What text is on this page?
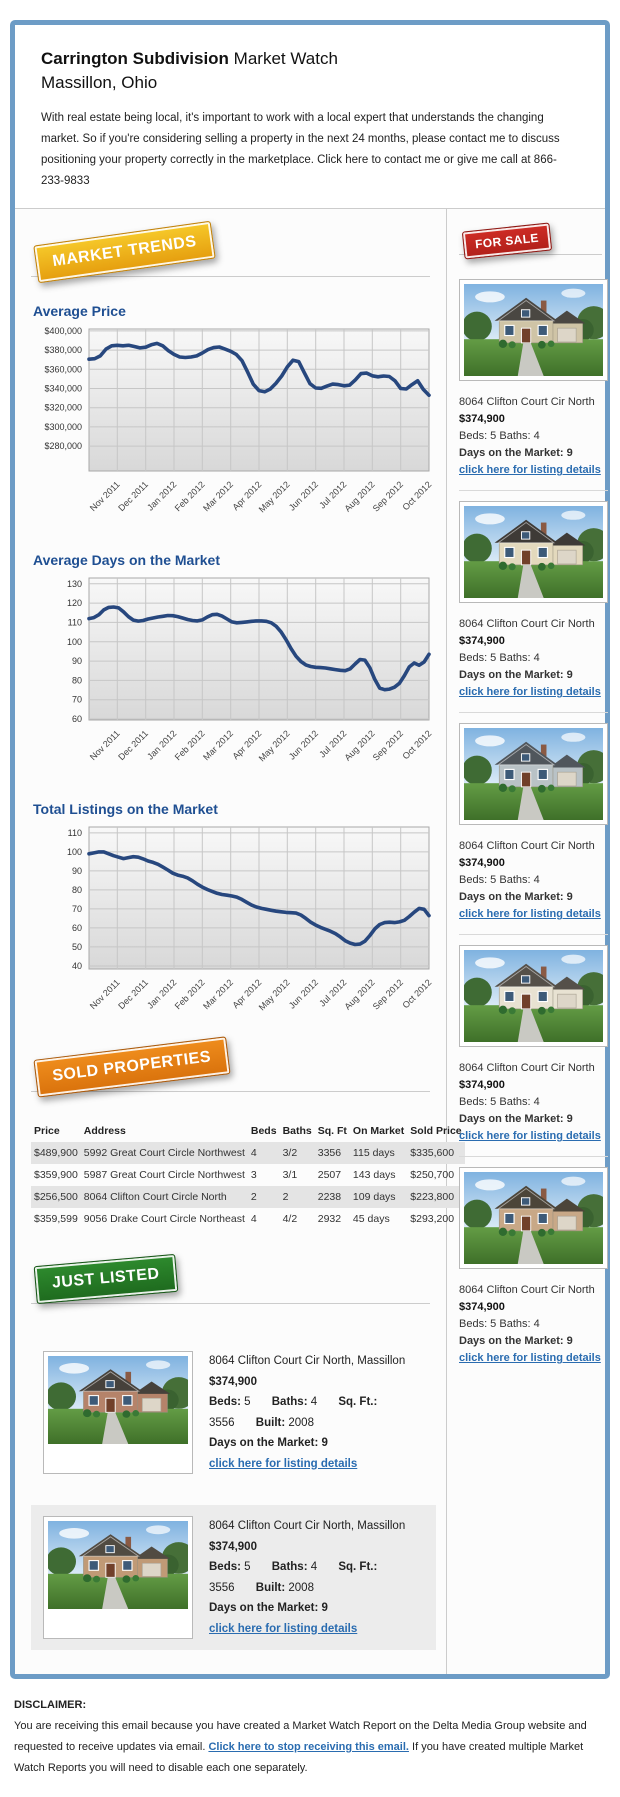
Carrington Subdivision Market Watch
Massillon, Ohio

With real estate being local, it's important to work with a local expert that understands the changing market. So if you're considering selling a property in the next 24 months, please contact me to discuss positioning your property correctly in the marketplace. Click here to contact me or give me call at 866-233-9833

MARKET TRENDS
Average Price
$400,000
$380,000
$360,000
$340,000
$320,000
$300,000
$280,000
Nov 2011
Dec 2011
Jan 2012
Feb 2012
Mar 2012
Apr 2012
May 2012
Jun 2012
Jul 2012
Aug 2012
Sep 2012
Oct 2012
Average Days on the Market
130
120
110
100
90
80
70
60
Nov 2011
Dec 2011
Jan 2012
Feb 2012
Mar 2012
Apr 2012
May 2012
Jun 2012
Jul 2012
Aug 2012
Sep 2012
Oct 2012
Total Listings on the Market
110
100
90
80
70
60
50
40
Nov 2011
Dec 2011
Jan 2012
Feb 2012
Mar 2012
Apr 2012
May 2012
Jun 2012
Jul 2012
Aug 2012
Sep 2012
Oct 2012
SOLD PROPERTIES
Price	Address	Beds	Baths	Sq. Ft	On Market	Sold Price
$489,900	5992 Great Court Circle Northwest	4	3/2	3356	115 days	$335,600
$359,900	5987 Great Court Circle Northwest	3	3/1	2507	143 days	$250,700
$256,500	8064 Clifton Court Circle North	2	2	2238	109 days	$223,800
$359,599	9056 Drake Court Circle Northeast	4	4/2	2932	45 days	$293,200
JUST LISTED
8064 Clifton Court Cir North, Massillon
$374,900
Beds: 5 Baths: 4 Sq. Ft.: 3556 Built: 2008
Days on the Market: 9
click here for listing details
8064 Clifton Court Cir North, Massillon
$374,900
Beds: 5 Baths: 4 Sq. Ft.: 3556 Built: 2008
Days on the Market: 9
click here for listing details
FOR SALE
8064 Clifton Court Cir North
$374,900
Beds: 5 Baths: 4
Days on the Market: 9
click here for listing details
8064 Clifton Court Cir North
$374,900
Beds: 5 Baths: 4
Days on the Market: 9
click here for listing details
8064 Clifton Court Cir North
$374,900
Beds: 5 Baths: 4
Days on the Market: 9
click here for listing details
8064 Clifton Court Cir North
$374,900
Beds: 5 Baths: 4
Days on the Market: 9
click here for listing details
8064 Clifton Court Cir North
$374,900
Beds: 5 Baths: 4
Days on the Market: 9
click here for listing details
DISCLAIMER:
You are receiving this email because you have created a Market Watch Report on the Delta Media Group website and requested to receive updates via email. Click here to stop receiving this email. If you have created multiple Market Watch Reports you will need to disable each one separately.
